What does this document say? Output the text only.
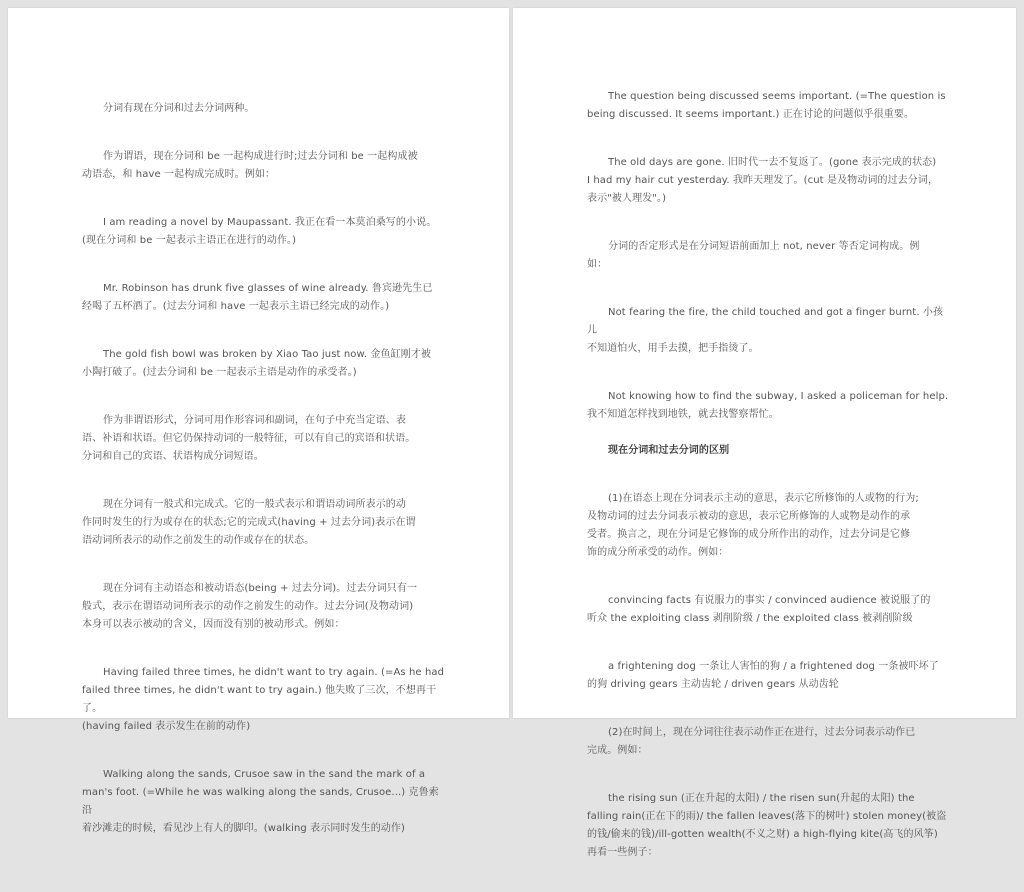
分词有现在分词和过去分词两种。

作为谓语，现在分词和 be 一起构成进行时;过去分词和 be 一起构成被
动语态，和 have 一起构成完成时。例如：

I am reading a novel by Maupassant. 我正在看一本莫泊桑写的小说。
(现在分词和 be 一起表示主语正在进行的动作。)

Mr. Robinson has drunk five glasses of wine already. 鲁宾逊先生已
经喝了五杯酒了。(过去分词和 have 一起表示主语已经完成的动作。)

The gold fish bowl was broken by Xiao Tao just now. 金鱼缸刚才被
小陶打破了。(过去分词和 be 一起表示主语是动作的承受者。)

作为非谓语形式，分词可用作形容词和副词，在句子中充当定语、表
语、补语和状语。但它仍保持动词的一般特征，可以有自己的宾语和状语。
分词和自己的宾语、状语构成分词短语。

现在分词有一般式和完成式。它的一般式表示和谓语动词所表示的动
作同时发生的行为或存在的状态;它的完成式(having + 过去分词)表示在谓
语动词所表示的动作之前发生的动作或存在的状态。

现在分词有主动语态和被动语态(being + 过去分词)。过去分词只有一
般式，表示在谓语动词所表示的动作之前发生的动作。过去分词(及物动词)
本身可以表示被动的含义，因而没有别的被动形式。例如：

Having failed three times, he didn't want to try again. (=As he had
failed three times, he didn't want to try again.) 他失败了三次，不想再干了。
(having failed 表示发生在前的动作)

Walking along the sands, Crusoe saw in the sand the mark of a
man's foot. (=While he was walking along the sands, Crusoe...) 克鲁索沿
着沙滩走的时候，看见沙上有人的脚印。(walking 表示同时发生的动作)

The question being discussed seems important. (=The question is
being discussed. It seems important.) 正在讨论的问题似乎很重要。

The old days are gone. 旧时代一去不复返了。(gone 表示完成的状态)
I had my hair cut yesterday. 我昨天理发了。(cut 是及物动词的过去分词，
表示"被人理发"。)

分词的否定形式是在分词短语前面加上 not, never 等否定词构成。例
如：

Not fearing the fire, the child touched and got a finger burnt. 小孩儿
不知道怕火，用手去摸，把手指烫了。

Not knowing how to find the subway, I asked a policeman for help.
我不知道怎样找到地铁，就去找警察帮忙。

现在分词和过去分词的区别

(1)在语态上现在分词表示主动的意思，表示它所修饰的人或物的行为;
及物动词的过去分词表示被动的意思，表示它所修饰的人或物是动作的承
受者。换言之，现在分词是它修饰的成分所作出的动作，过去分词是它修
饰的成分所承受的动作。例如：

convincing facts 有说服力的事实 / convinced audience 被说服了的
听众 the exploiting class 剥削阶级 / the exploited class 被剥削阶级

a frightening dog 一条让人害怕的狗 / a frightened dog 一条被吓坏了
的狗 driving gears 主动齿轮 / driven gears 从动齿轮

(2)在时间上，现在分词往往表示动作正在进行，过去分词表示动作已
完成。例如：

the rising sun (正在升起的太阳) / the risen sun(升起的太阳) the
falling rain(正在下的雨)/ the fallen leaves(落下的树叶) stolen money(被盗
的钱/偷来的钱)/ill-gotten wealth(不义之财) a high-flying kite(高飞的风筝)
再看一些例子：
